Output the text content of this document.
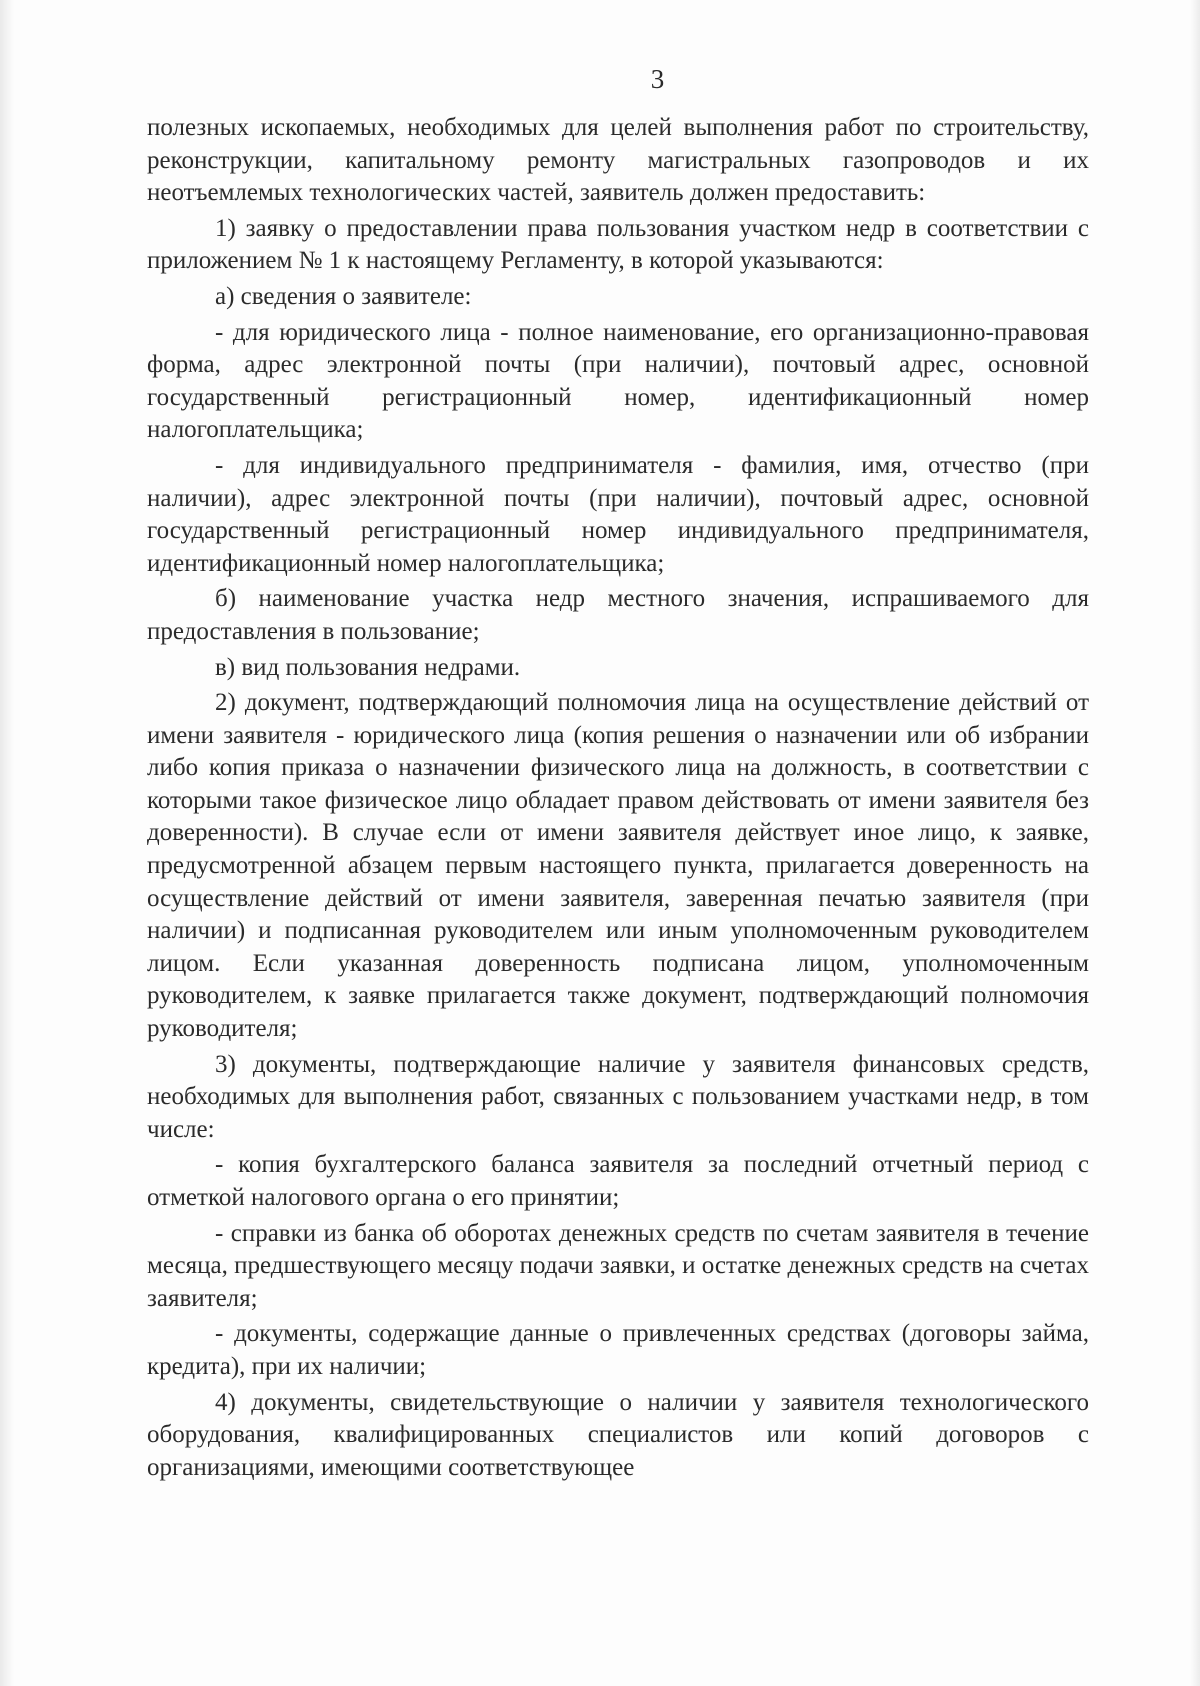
3

полезных ископаемых, необходимых для целей выполнения работ по строительству, реконструкции, капитальному ремонту магистральных газопроводов и их неотъемлемых технологических частей, заявитель должен предоставить:

1) заявку о предоставлении права пользования участком недр в соответствии с приложением № 1 к настоящему Регламенту, в которой указываются:

а) сведения о заявителе:

- для юридического лица - полное наименование, его организационно-правовая форма, адрес электронной почты (при наличии), почтовый адрес, основной государственный регистрационный номер, идентификационный номер налогоплательщика;

- для индивидуального предпринимателя - фамилия, имя, отчество (при наличии), адрес электронной почты (при наличии), почтовый адрес, основной государственный регистрационный номер индивидуального предпринимателя, идентификационный номер налогоплательщика;

б) наименование участка недр местного значения, испрашиваемого для предоставления в пользование;

в) вид пользования недрами.

2) документ, подтверждающий полномочия лица на осуществление действий от имени заявителя - юридического лица (копия решения о назначении или об избрании либо копия приказа о назначении физического лица на должность, в соответствии с которыми такое физическое лицо обладает правом действовать от имени заявителя без доверенности). В случае если от имени заявителя действует иное лицо, к заявке, предусмотренной абзацем первым настоящего пункта, прилагается доверенность на осуществление действий от имени заявителя, заверенная печатью заявителя (при наличии) и подписанная руководителем или иным уполномоченным руководителем лицом. Если указанная доверенность подписана лицом, уполномоченным руководителем, к заявке прилагается также документ, подтверждающий полномочия руководителя;

3) документы, подтверждающие наличие у заявителя финансовых средств, необходимых для выполнения работ, связанных с пользованием участками недр, в том числе:

- копия бухгалтерского баланса заявителя за последний отчетный период с отметкой налогового органа о его принятии;

- справки из банка об оборотах денежных средств по счетам заявителя в течение месяца, предшествующего месяцу подачи заявки, и остатке денежных средств на счетах заявителя;

- документы, содержащие данные о привлеченных средствах (договоры займа, кредита), при их наличии;

4) документы, свидетельствующие о наличии у заявителя технологического оборудования, квалифицированных специалистов или копий договоров с организациями, имеющими соответствующее
